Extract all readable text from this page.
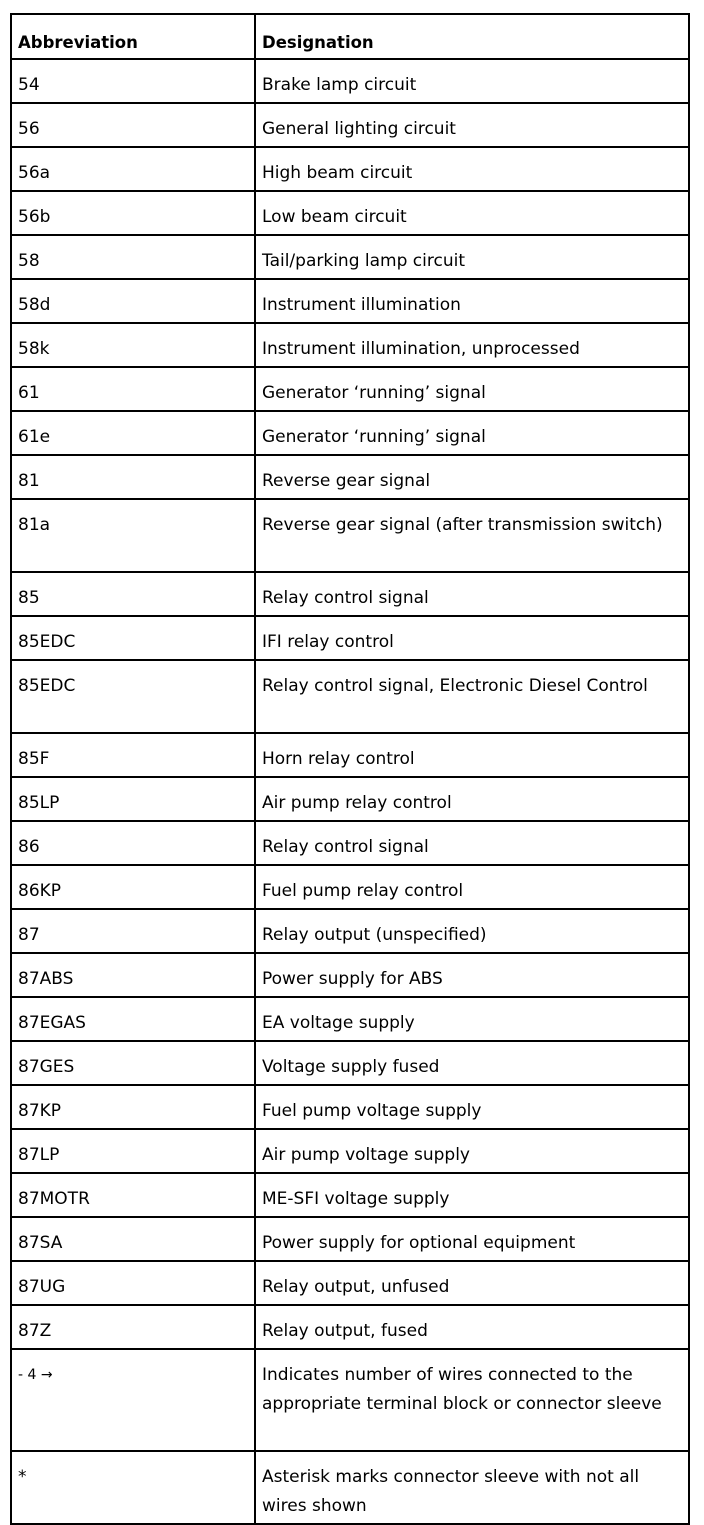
Abbreviation	Designation
54	Brake lamp circuit
56	General lighting circuit
56a	High beam circuit
56b	Low beam circuit
58	Tail/parking lamp circuit
58d	Instrument illumination
58k	Instrument illumination, unprocessed
61	Generator ‘running’ signal
61e	Generator ‘running’ signal
81	Reverse gear signal
81a	Reverse gear signal (after transmission switch)
85	Relay control signal
85EDC	IFI relay control
85EDC	Relay control signal, Electronic Diesel Control
85F	Horn relay control
85LP	Air pump relay control
86	Relay control signal
86KP	Fuel pump relay control
87	Relay output (unspecified)
87ABS	Power supply for ABS
87EGAS	EA voltage supply
87GES	Voltage supply fused
87KP	Fuel pump voltage supply
87LP	Air pump voltage supply
87MOTR	ME-SFI voltage supply
87SA	Power supply for optional equipment
87UG	Relay output, unfused
87Z	Relay output, fused
- 4 →	Indicates number of wires connected to the appropriate terminal block or connector sleeve
*	Asterisk marks connector sleeve with not all wires shown
